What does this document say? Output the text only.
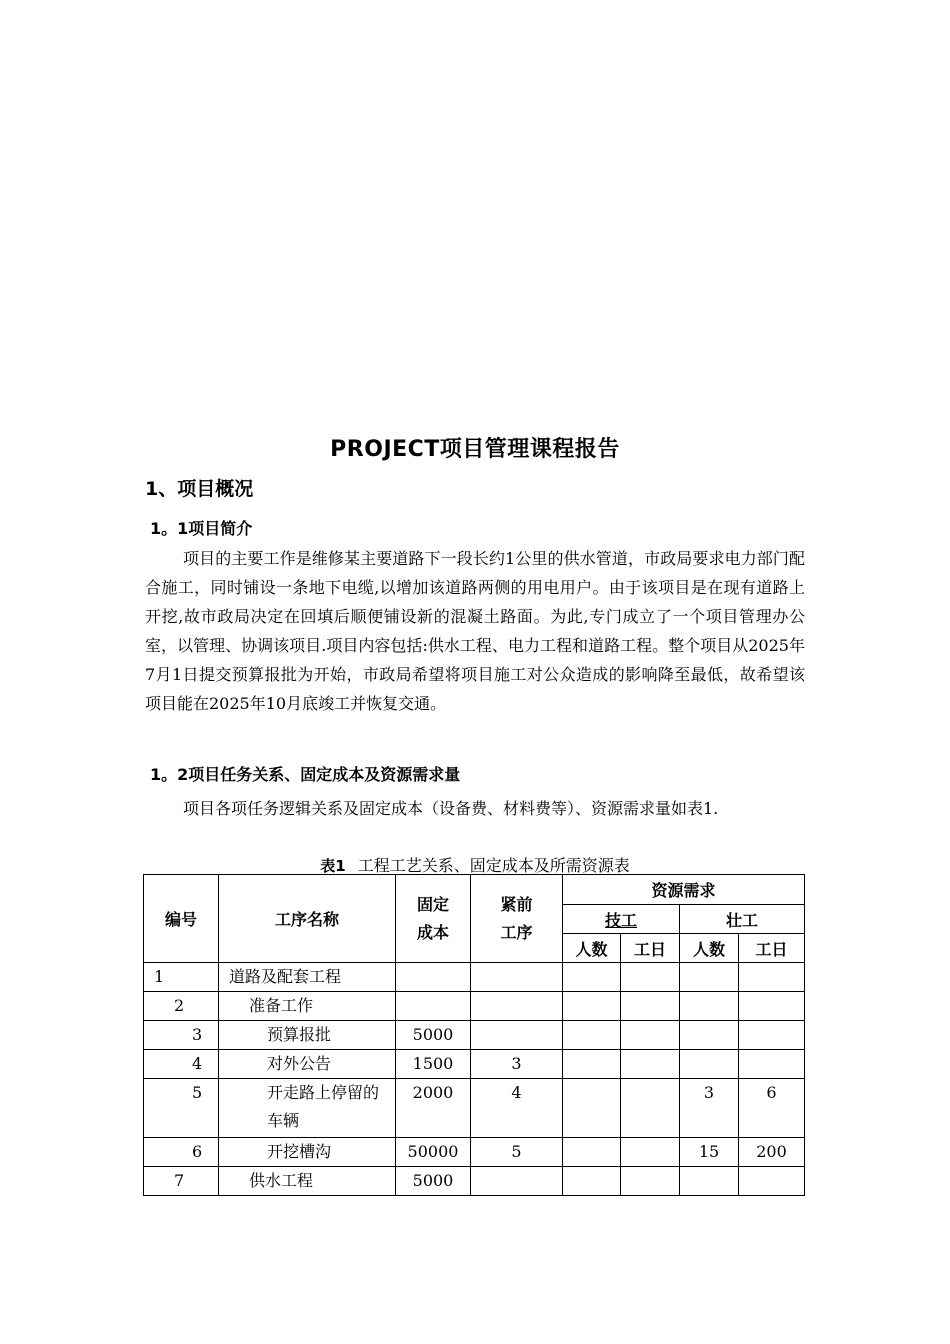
PROJECT项目管理课程报告
1、项目概况
1。1项目简介

项目的主要工作是维修某主要道路下一段长约1公里的供水管道，市政局要求电力部门配合施工，同时铺设一条地下电缆,以增加该道路两侧的用电用户。由于该项目是在现有道路上开挖,故市政局决定在回填后顺便铺设新的混凝土路面。为此,专门成立了一个项目管理办公室，以管理、协调该项目.项目内容包括:供水工程、电力工程和道路工程。整个项目从2025年7月1日提交预算报批为开始，市政局希望将项目施工对公众造成的影响降至最低，故希望该项目能在2025年10月底竣工并恢复交通。

1。2项目任务关系、固定成本及资源需求量

项目各项任务逻辑关系及固定成本（设备费、材料费等）、资源需求量如表1.

表1 工程工艺关系、固定成本及所需资源表
编号	工序名称	固定成本	紧前工序	资源需求			
				技工		壮工	
				人数	工日	人数	工日
1	道路及配套工程						
2	准备工作						
3	预算报批	5000					
4	对外公告	1500	3				
5	开走路上停留的车辆	2000	4			3	6
6	开挖槽沟	50000	5			15	200
7	供水工程	5000					
